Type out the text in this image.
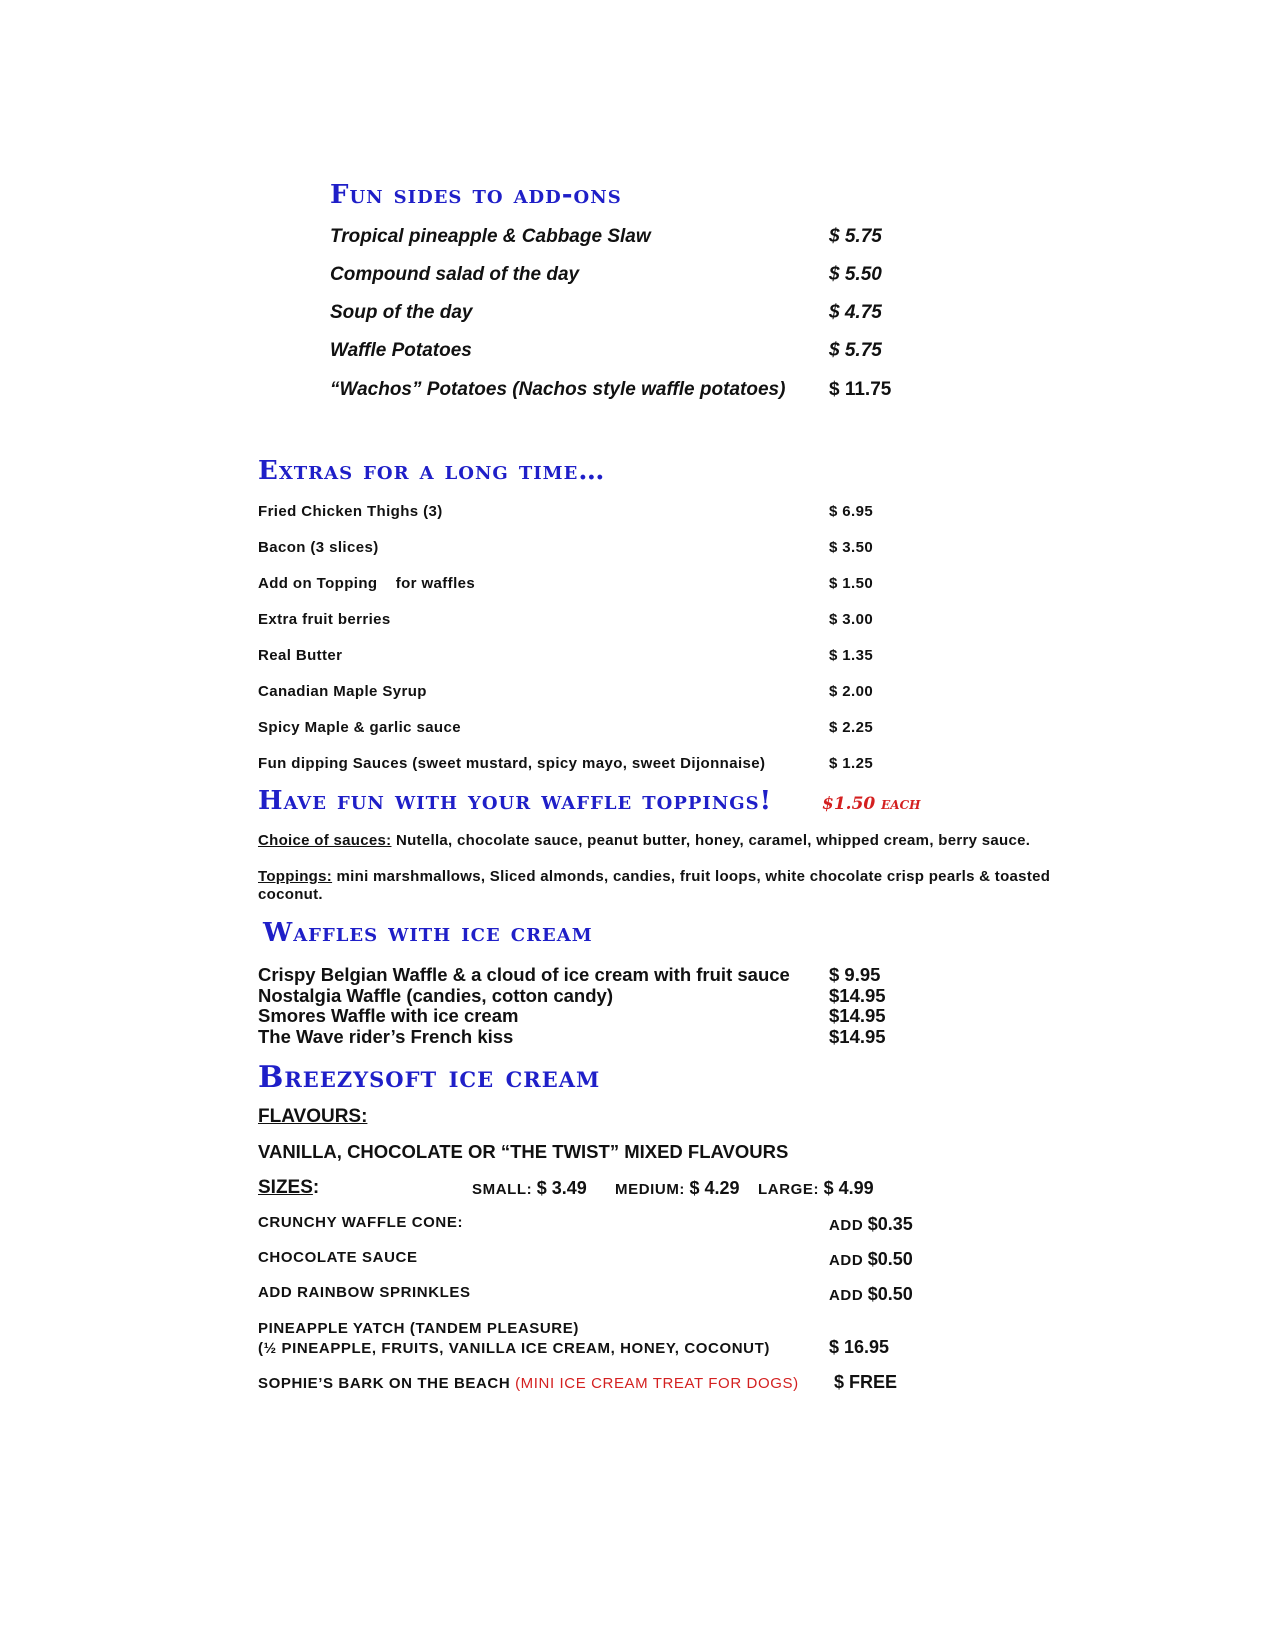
Fun sides to add-ons
Tropical pineapple & Cabbage Slaw	$ 5.75
Compound salad of the day	$ 5.50
Soup of the day	$ 4.75
Waffle Potatoes	$ 5.75
“Wachos” Potatoes (Nachos style waffle potatoes) $ 11.75
Extras for a long time…
Fried Chicken Thighs (3)	$ 6.95
Bacon (3 slices)	$ 3.50
Add on Topping    for waffles	$ 1.50
Extra fruit berries	$ 3.00
Real Butter	$ 1.35
Canadian Maple Syrup	$ 2.00
Spicy Maple & garlic sauce	$ 2.25
Fun dipping Sauces (sweet mustard, spicy mayo, sweet Dijonnaise)	$ 1.25
Have fun with your waffle toppings!	$1.50 each
Choice of sauces: Nutella, chocolate sauce, peanut butter, honey, caramel, whipped cream, berry sauce.
Toppings: mini marshmallows, Sliced almonds, candies, fruit loops, white chocolate crisp pearls & toasted
coconut.
Waffles with ice cream
Crispy Belgian Waffle & a cloud of ice cream with fruit sauce $ 9.95
Nostalgia Waffle (candies, cotton candy)	$14.95
Smores Waffle with ice cream	$14.95
The Wave rider’s French kiss	$14.95
Breezysoft ice cream
FLAVOURS:
VANILLA, CHOCOLATE OR “THE TWIST” MIXED FLAVOURS
SIZES:	SMALL: $ 3.49 MEDIUM: $ 4.29 LARGE: $ 4.99
CRUNCHY WAFFLE CONE:	ADD $0.35
CHOCOLATE SAUCE	ADD $0.50
ADD RAINBOW SPRINKLES	ADD $0.50
PINEAPPLE YATCH (TANDEM PLEASURE)
(½ PINEAPPLE, FRUITS, VANILLA ICE CREAM, HONEY, COCONUT)	$ 16.95
SOPHIE’S BARK ON THE BEACH (MINI ICE CREAM TREAT FOR DOGS) $ FREE
